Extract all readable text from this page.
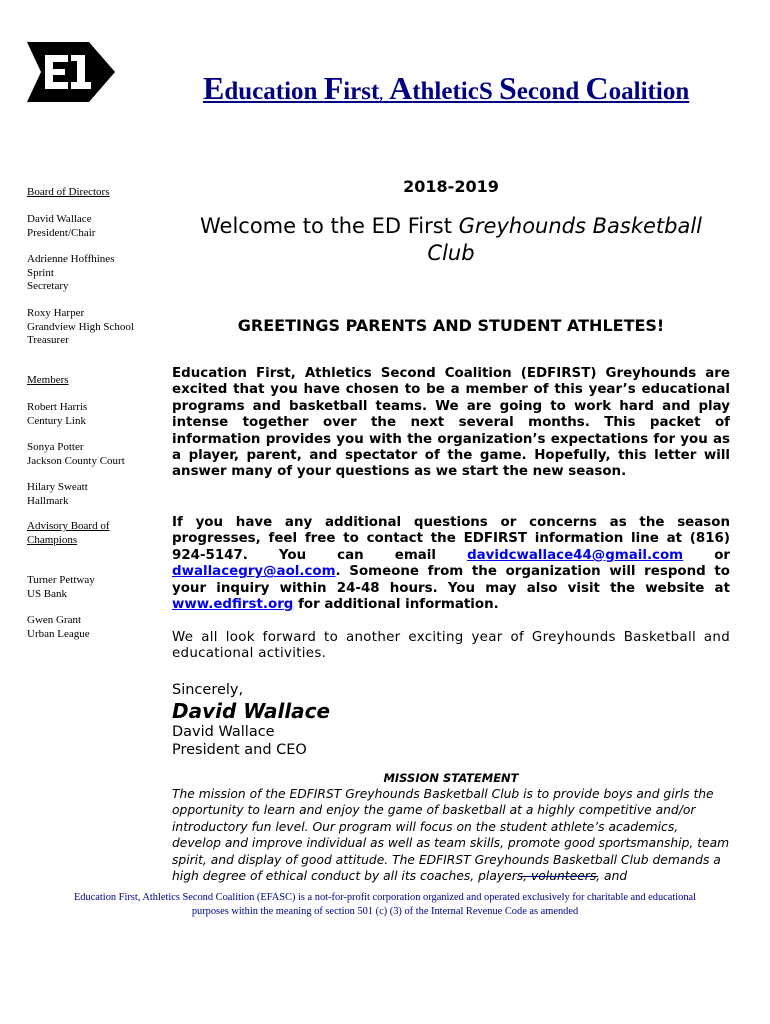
Education First, AthleticS Second Coalition
Board of Directors
David Wallace
President/Chair
Adrienne Hoffhines
Sprint
Secretary
Roxy Harper
Grandview High School
Treasurer
Members
Robert Harris
Century Link
Sonya Potter
Jackson County Court
Hilary Sweatt
Hallmark
Advisory Board of
Champions
Turner Pettway
US Bank
Gwen Grant
Urban League
2018-2019
Welcome to the ED First Greyhounds Basketball
Club
GREETINGS PARENTS AND STUDENT ATHLETES!
Education First, Athletics Second Coalition (EDFIRST) Greyhounds are excited that you have chosen to be a member of this year’s educational programs and basketball teams. We are going to work hard and play intense together over the next several months. This packet of information provides you with the organization’s expectations for you as a player, parent, and spectator of the game. Hopefully, this letter will answer many of your questions as we start the new season.
If you have any additional questions or concerns as the season progresses, feel free to contact the EDFIRST information line at (816) 924-5147. You can email davidcwallace44@gmail.com or dwallacegry@aol.com. Someone from the organization will respond to your inquiry within 24-48 hours. You may also visit the website at www.edfirst.org for additional information.
We all look forward to another exciting year of Greyhounds Basketball and educational activities.
Sincerely,
David Wallace
David Wallace
President and CEO
MISSION STATEMENT
The mission of the EDFIRST Greyhounds Basketball Club is to provide boys and girls the opportunity to learn and enjoy the game of basketball at a highly competitive and/or introductory fun level. Our program will focus on the student athlete’s academics, develop and improve individual as well as team skills, promote good sportsmanship, team spirit, and display of good attitude. The EDFIRST Greyhounds Basketball Club demands a high degree of ethical conduct by all its coaches, players, volunteers, and
Education First, Athletics Second Coalition (EFASC) is a not-for-profit corporation organized and operated exclusively for charitable and educational
purposes within the meaning of section 501 (c) (3) of the Internal Revenue Code as amended
